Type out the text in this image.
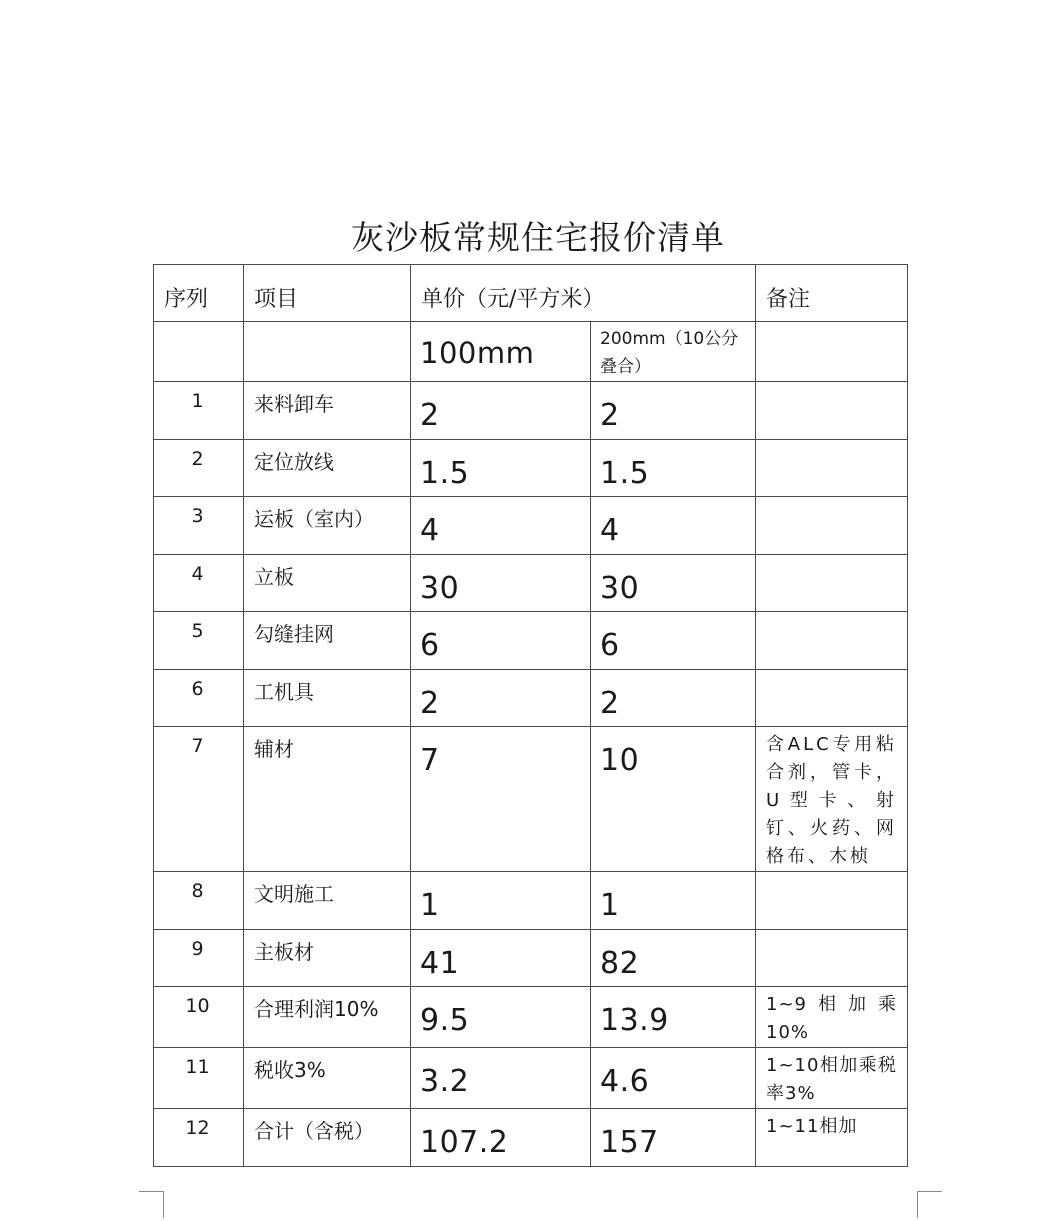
灰沙板常规住宅报价清单
序列	项目	单价（元/平方米）		备注

		100mm	200mm（10公分叠合）	

1	来料卸车	2	2	

2	定位放线	1.5	1.5	

3	运板（室内）	4	4	

4	立板	30	30	

5	勾缝挂网	6	6	

6	工机具	2	2	

7	辅材	7	10	含ALC专用粘合剂，管卡，U型卡、射钉、火药、网格布、木桢

8	文明施工	1	1	

9	主板材	41	82	

10	合理利润10%	9.5	13.9	1~9相加乘10%

11	税收3%	3.2	4.6	1~10相加乘税率3%

12	合计（含税）	107.2	157	1~11相加
